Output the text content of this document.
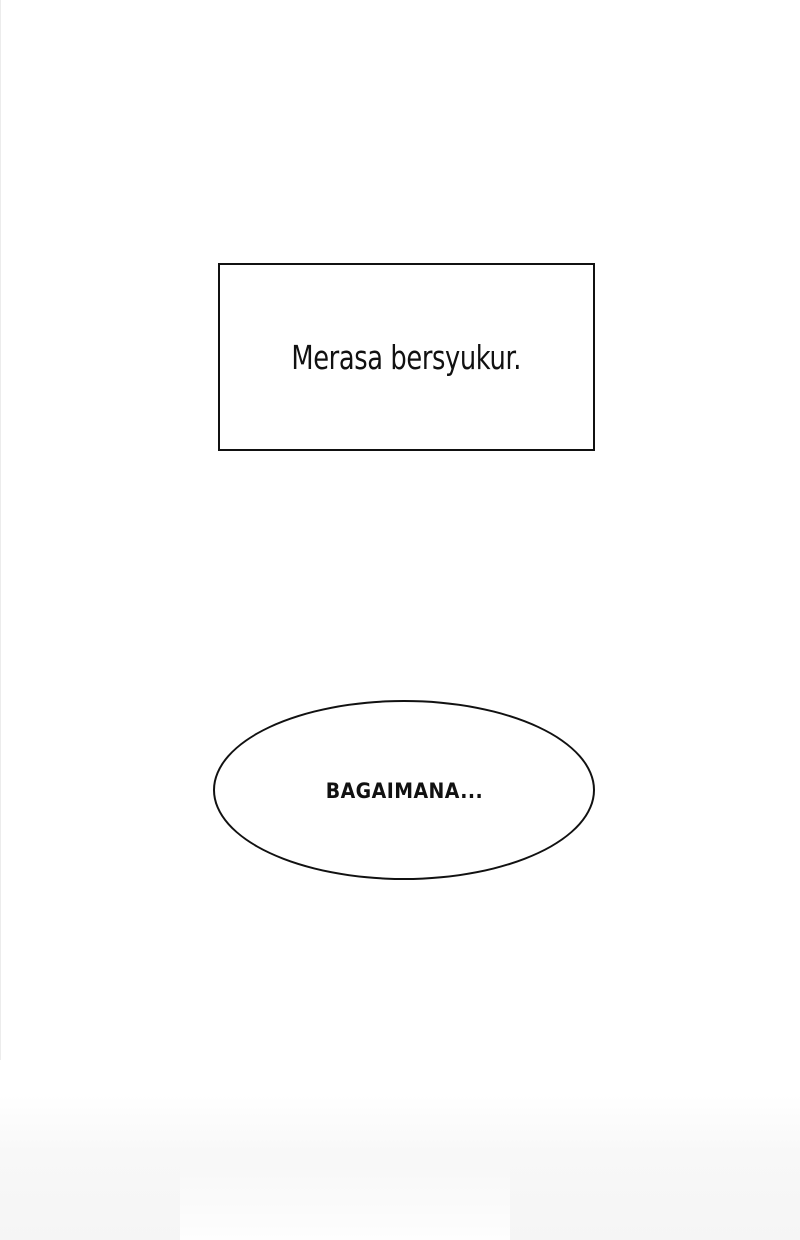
Merasa bersyukur.
BAGAIMANA...
